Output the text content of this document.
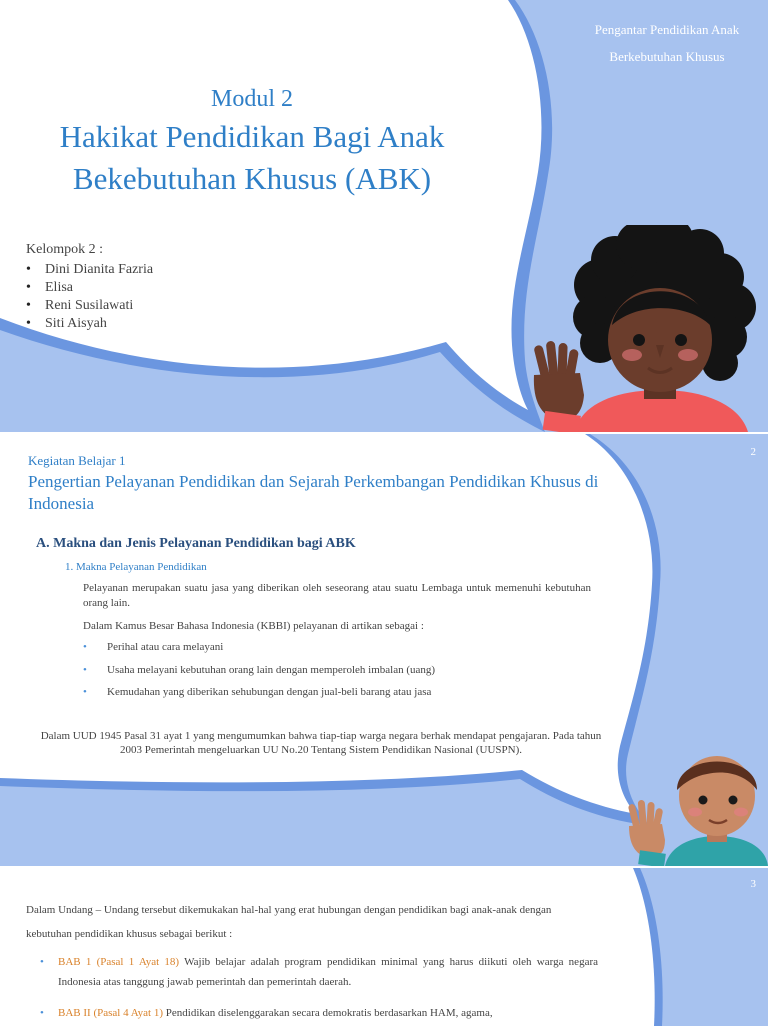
Pengantar Pendidikan Anak Berkebutuhan Khusus
Modul 2
Hakikat Pendidikan Bagi Anak
Bekebutuhan Khusus (ABK)
Kelompok 2 :
• Dini Dianita Fazria
• Elisa
• Reni Susilawati
• Siti Aisyah
2
Kegiatan Belajar 1
Pengertian Pelayanan Pendidikan dan Sejarah Perkembangan Pendidikan Khusus di Indonesia
A. Makna dan Jenis Pelayanan Pendidikan bagi ABK
1. Makna Pelayanan Pendidikan
Pelayanan merupakan suatu jasa yang diberikan oleh seseorang atau suatu Lembaga untuk memenuhi kebutuhan orang lain.
Dalam Kamus Besar Bahasa Indonesia (KBBI) pelayanan di artikan sebagai :
• Perihal atau cara melayani
• Usaha melayani kebutuhan orang lain dengan memperoleh imbalan (uang)
• Kemudahan yang diberikan sehubungan dengan jual-beli barang atau jasa
Dalam UUD 1945 Pasal 31 ayat 1 yang mengumumkan bahwa tiap-tiap warga negara berhak mendapat pengajaran. Pada tahun 2003 Pemerintah mengeluarkan UU No.20 Tentang Sistem Pendidikan Nasional (UUSPN).
3
Dalam Undang – Undang tersebut dikemukakan hal-hal yang erat hubungan dengan pendidikan bagi anak-anak dengan kebutuhan pendidikan khusus sebagai berikut :
• BAB 1 (Pasal 1 Ayat 18) Wajib belajar adalah program pendidikan minimal yang harus diikuti oleh warga negara Indonesia atas tanggung jawab pemerintah dan pemerintah daerah.
• BAB II (Pasal 4 Ayat 1) Pendidikan diselenggarakan secara demokratis berdasarkan HAM, agama,
